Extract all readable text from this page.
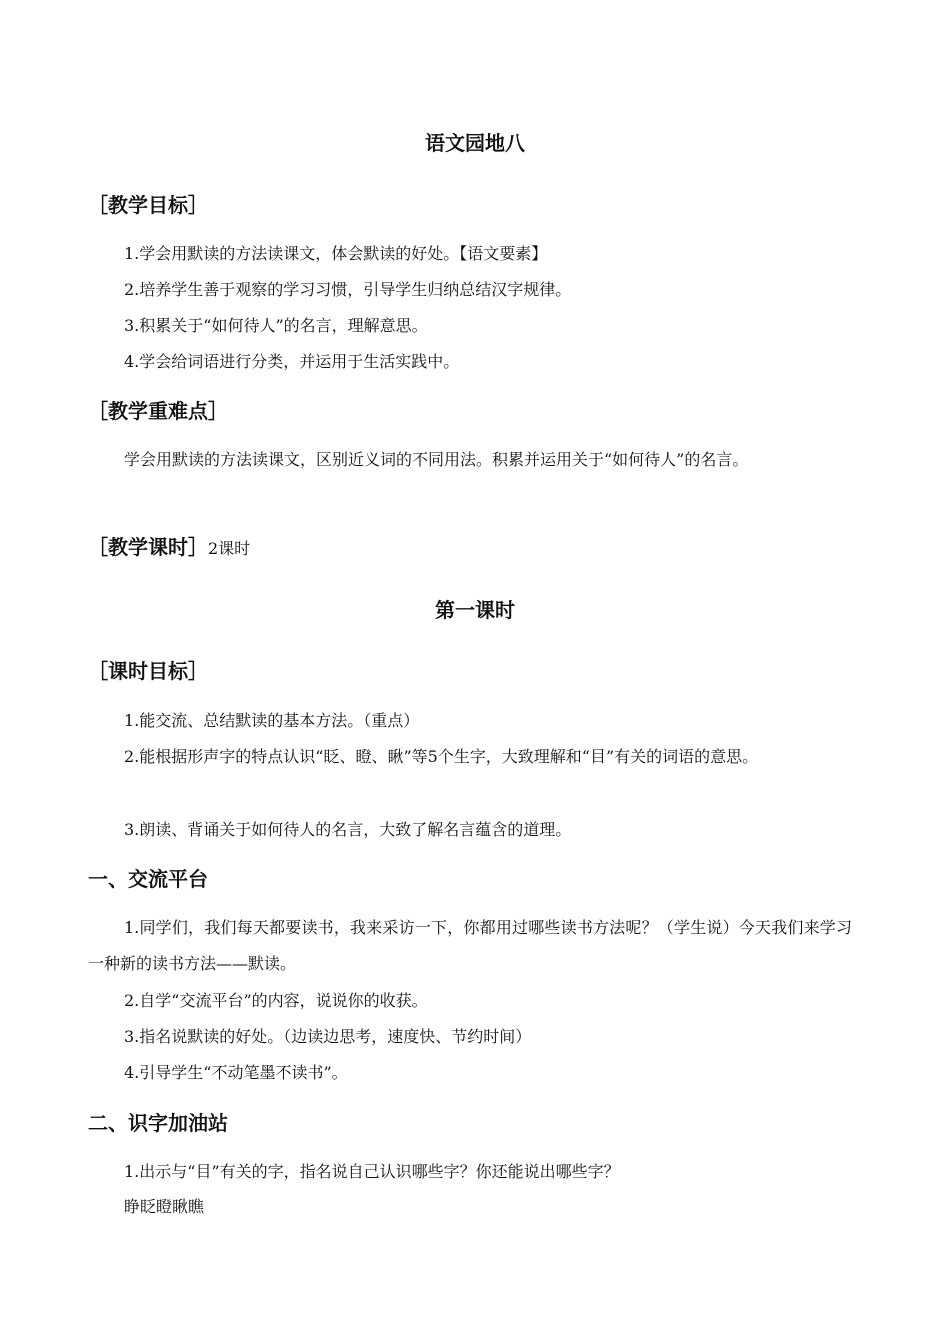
语文园地八
［教学目标］
1.学会用默读的方法读课文，体会默读的好处。【语文要素】
2.培养学生善于观察的学习习惯，引导学生归纳总结汉字规律。
3.积累关于“如何待人”的名言，理解意思。
4.学会给词语进行分类，并运用于生活实践中。
［教学重难点］
学会用默读的方法读课文，区别近义词的不同用法。积累并运用关于“如何待人”的名言。
［教学课时］2课时
第一课时
［课时目标］
1.能交流、总结默读的基本方法。（重点）
2.能根据形声字的特点认识“眨、瞪、瞅”等5个生字，大致理解和“目”有关的词语的意思。
3.朗读、背诵关于如何待人的名言，大致了解名言蕴含的道理。
一、交流平台
1.同学们，我们每天都要读书，我来采访一下，你都用过哪些读书方法呢？（学生说）今天我们来学习一种新的读书方法——默读。
2.自学“交流平台”的内容，说说你的收获。
3.指名说默读的好处。（边读边思考，速度快、节约时间）
4.引导学生“不动笔墨不读书”。
二、识字加油站
1.出示与“目”有关的字，指名说自己认识哪些字？你还能说出哪些字？
睁眨瞪瞅瞧
